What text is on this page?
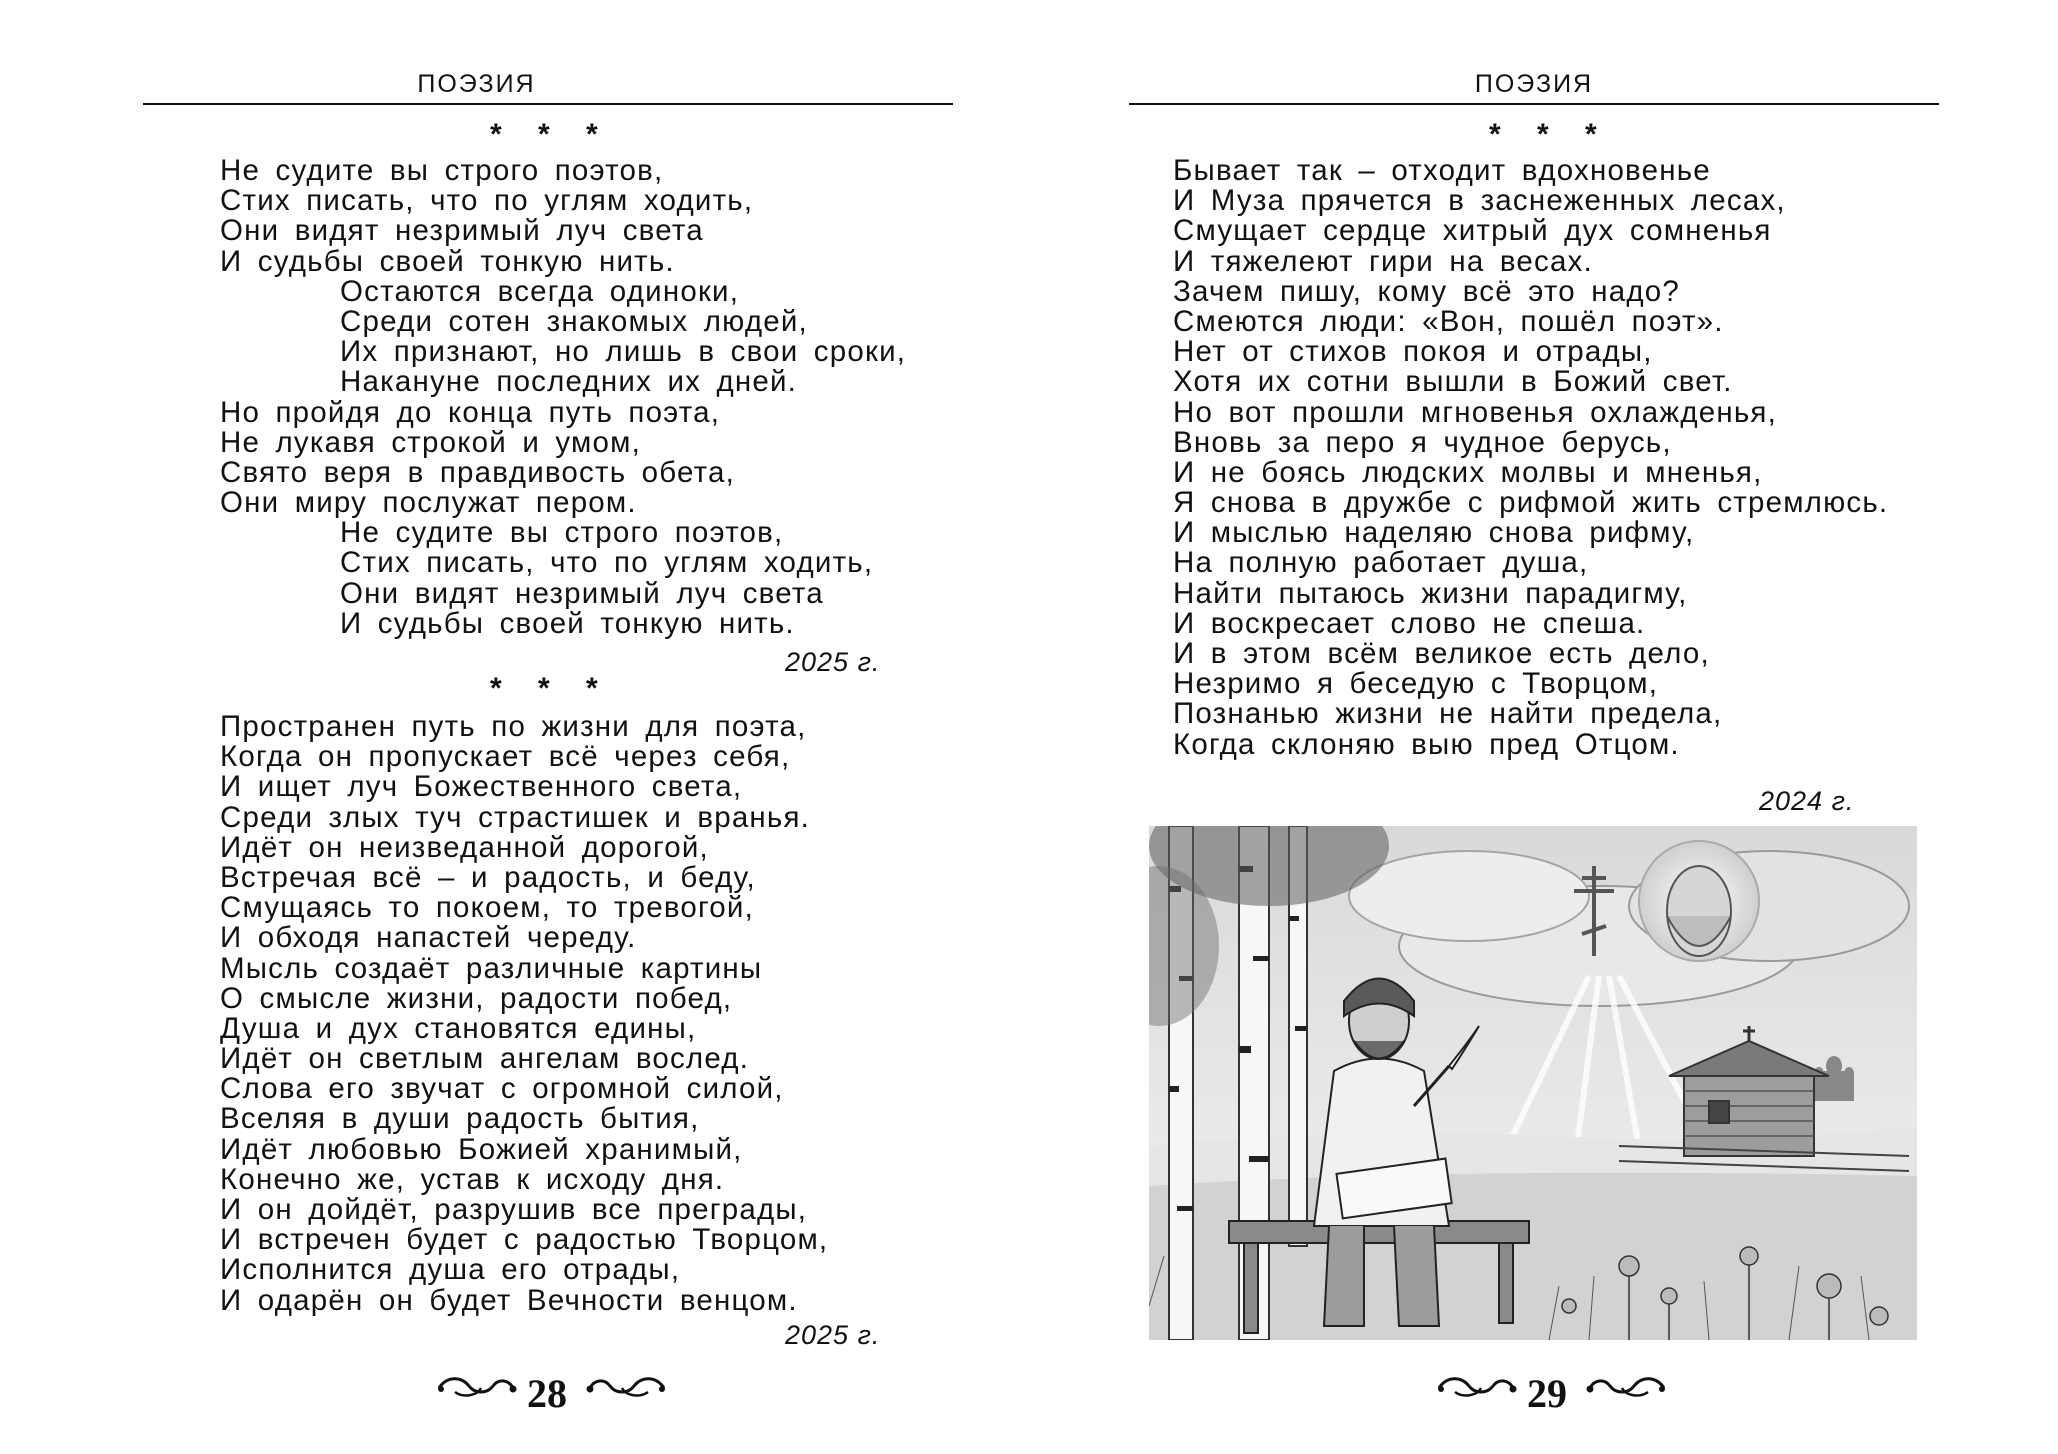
ПОЭЗИЯ
* * *
Не судите вы строго поэтов,
Стих писать, что по углям ходить,
Они видят незримый луч света
И судьбы своей тонкую нить.
Остаются всегда одиноки,
Среди сотен знакомых людей,
Их признают, но лишь в свои сроки,
Накануне последних их дней.
Но пройдя до конца путь поэта,
Не лукавя строкой и умом,
Свято веря в правдивость обета,
Они миру послужат пером.
Не судите вы строго поэтов,
Стих писать, что по углям ходить,
Они видят незримый луч света
И судьбы своей тонкую нить.
2025 г.
* * *
Пространен путь по жизни для поэта,
Когда он пропускает всё через себя,
И ищет луч Божественного света,
Среди злых туч страстишек и вранья.
Идёт он неизведанной дорогой,
Встречая всё – и радость, и беду,
Смущаясь то покоем, то тревогой,
И обходя напастей череду.
Мысль создаёт различные картины
О смысле жизни, радости побед,
Душа и дух становятся едины,
Идёт он светлым ангелам вослед.
Слова его звучат с огромной силой,
Вселяя в души радость бытия,
Идёт любовью Божией хранимый,
Конечно же, устав к исходу дня.
И он дойдёт, разрушив все преграды,
И встречен будет с радостью Творцом,
Исполнится душа его отрады,
И одарён он будет Вечности венцом.
2025 г.
28
ПОЭЗИЯ
* * *
Бывает так – отходит вдохновенье
И Муза прячется в заснеженных лесах,
Смущает сердце хитрый дух сомненья
И тяжелеют гири на весах.
Зачем пишу, кому всё это надо?
Смеются люди: «Вон, пошёл поэт».
Нет от стихов покоя и отрады,
Хотя их сотни вышли в Божий свет.
Но вот прошли мгновенья охлажденья,
Вновь за перо я чудное берусь,
И не боясь людских молвы и мненья,
Я снова в дружбе с рифмой жить стремлюсь.
И мыслью наделяю снова рифму,
На полную работает душа,
Найти пытаюсь жизни парадигму,
И воскресает слово не спеша.
И в этом всём великое есть дело,
Незримо я беседую с Творцом,
Познанью жизни не найти предела,
Когда склоняю выю пред Отцом.
2024 г.
29
